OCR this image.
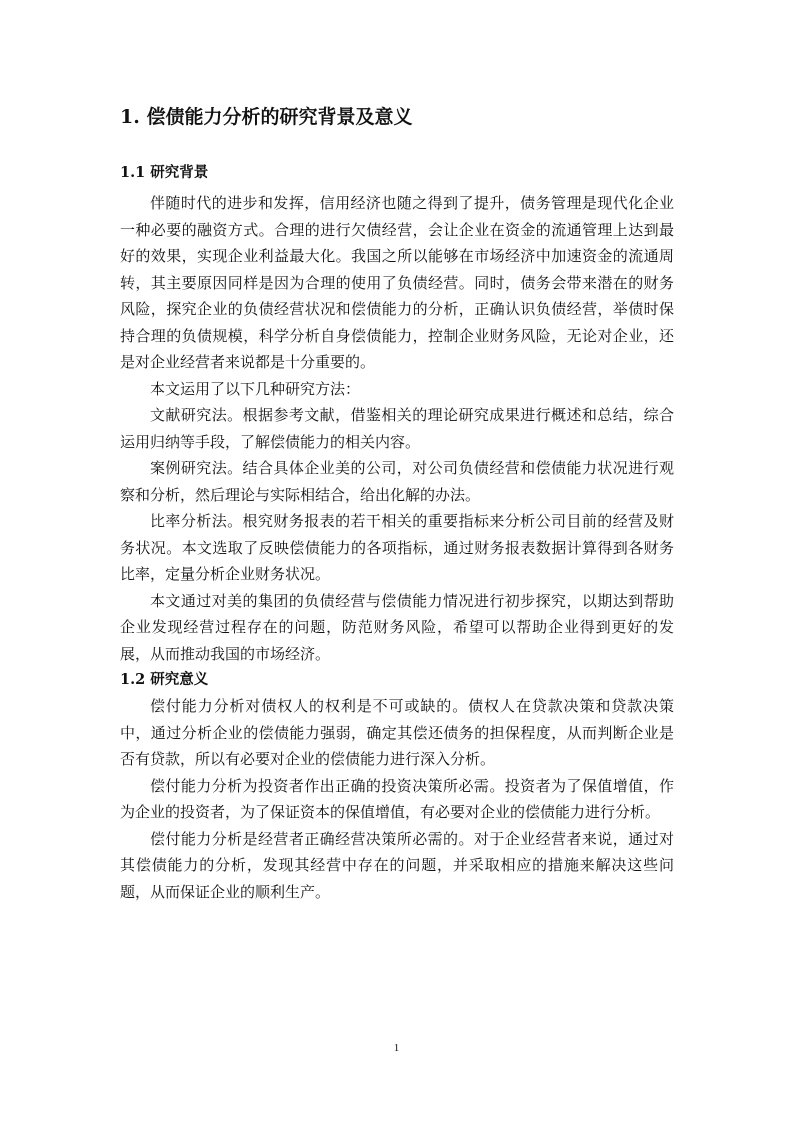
1. 偿债能力分析的研究背景及意义
1.1 研究背景

伴随时代的进步和发挥，信用经济也随之得到了提升，债务管理是现代化企业一种必要的融资方式。合理的进行欠债经营，会让企业在资金的流通管理上达到最好的效果，实现企业利益最大化。我国之所以能够在市场经济中加速资金的流通周转，其主要原因同样是因为合理的使用了负债经营。同时，债务会带来潜在的财务风险，探究企业的负债经营状况和偿债能力的分析，正确认识负债经营，举债时保持合理的负债规模，科学分析自身偿债能力，控制企业财务风险，无论对企业，还是对企业经营者来说都是十分重要的。

本文运用了以下几种研究方法：

文献研究法。根据参考文献，借鉴相关的理论研究成果进行概述和总结，综合运用归纳等手段，了解偿债能力的相关内容。

案例研究法。结合具体企业美的公司，对公司负债经营和偿债能力状况进行观察和分析，然后理论与实际相结合，给出化解的办法。

比率分析法。根究财务报表的若干相关的重要指标来分析公司目前的经营及财务状况。本文选取了反映偿债能力的各项指标，通过财务报表数据计算得到各财务比率，定量分析企业财务状况。

本文通过对美的集团的负债经营与偿债能力情况进行初步探究，以期达到帮助企业发现经营过程存在的问题，防范财务风险，希望可以帮助企业得到更好的发展，从而推动我国的市场经济。

1.2 研究意义

偿付能力分析对债权人的权利是不可或缺的。债权人在贷款决策和贷款决策中，通过分析企业的偿债能力强弱，确定其偿还债务的担保程度，从而判断企业是否有贷款，所以有必要对企业的偿债能力进行深入分析。

偿付能力分析为投资者作出正确的投资决策所必需。投资者为了保值增值，作为企业的投资者，为了保证资本的保值增值，有必要对企业的偿债能力进行分析。

偿付能力分析是经营者正确经营决策所必需的。对于企业经营者来说，通过对其偿债能力的分析，发现其经营中存在的问题，并采取相应的措施来解决这些问题，从而保证企业的顺利生产。

1
